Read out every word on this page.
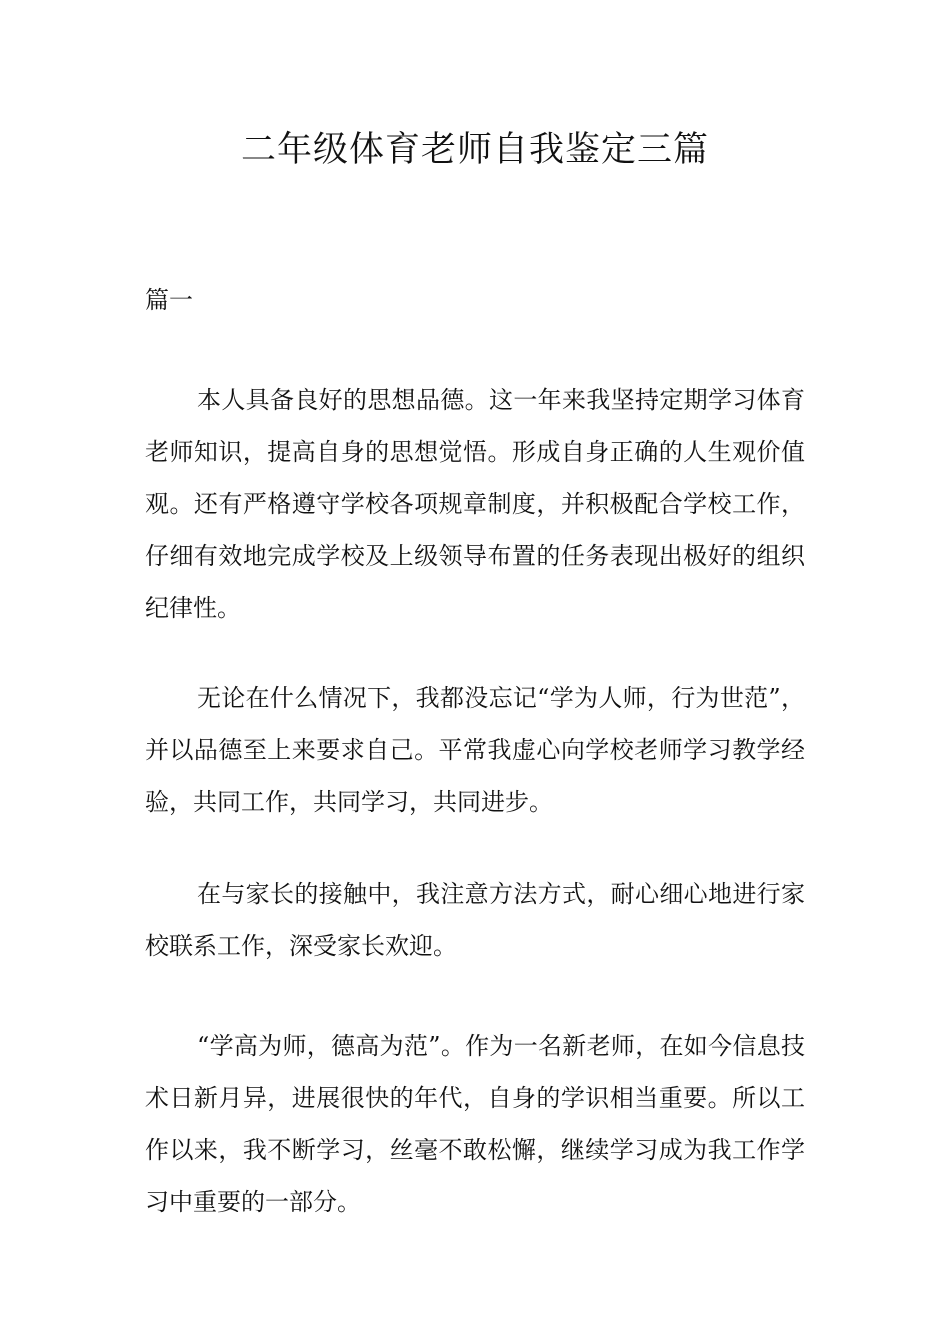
二年级体育老师自我鉴定三篇
篇一

本人具备良好的思想品德。这一年来我坚持定期学习体育老师知识，提高自身的思想觉悟。形成自身正确的人生观价值观。还有严格遵守学校各项规章制度，并积极配合学校工作，仔细有效地完成学校及上级领导布置的任务表现出极好的组织纪律性。

无论在什么情况下，我都没忘记“学为人师，行为世范”，并以品德至上来要求自己。平常我虚心向学校老师学习教学经验，共同工作，共同学习，共同进步。

在与家长的接触中，我注意方法方式，耐心细心地进行家校联系工作，深受家长欢迎。

“学高为师，德高为范”。作为一名新老师，在如今信息技术日新月异，进展很快的年代，自身的学识相当重要。所以工作以来，我不断学习，丝毫不敢松懈，继续学习成为我工作学习中重要的一部分。
